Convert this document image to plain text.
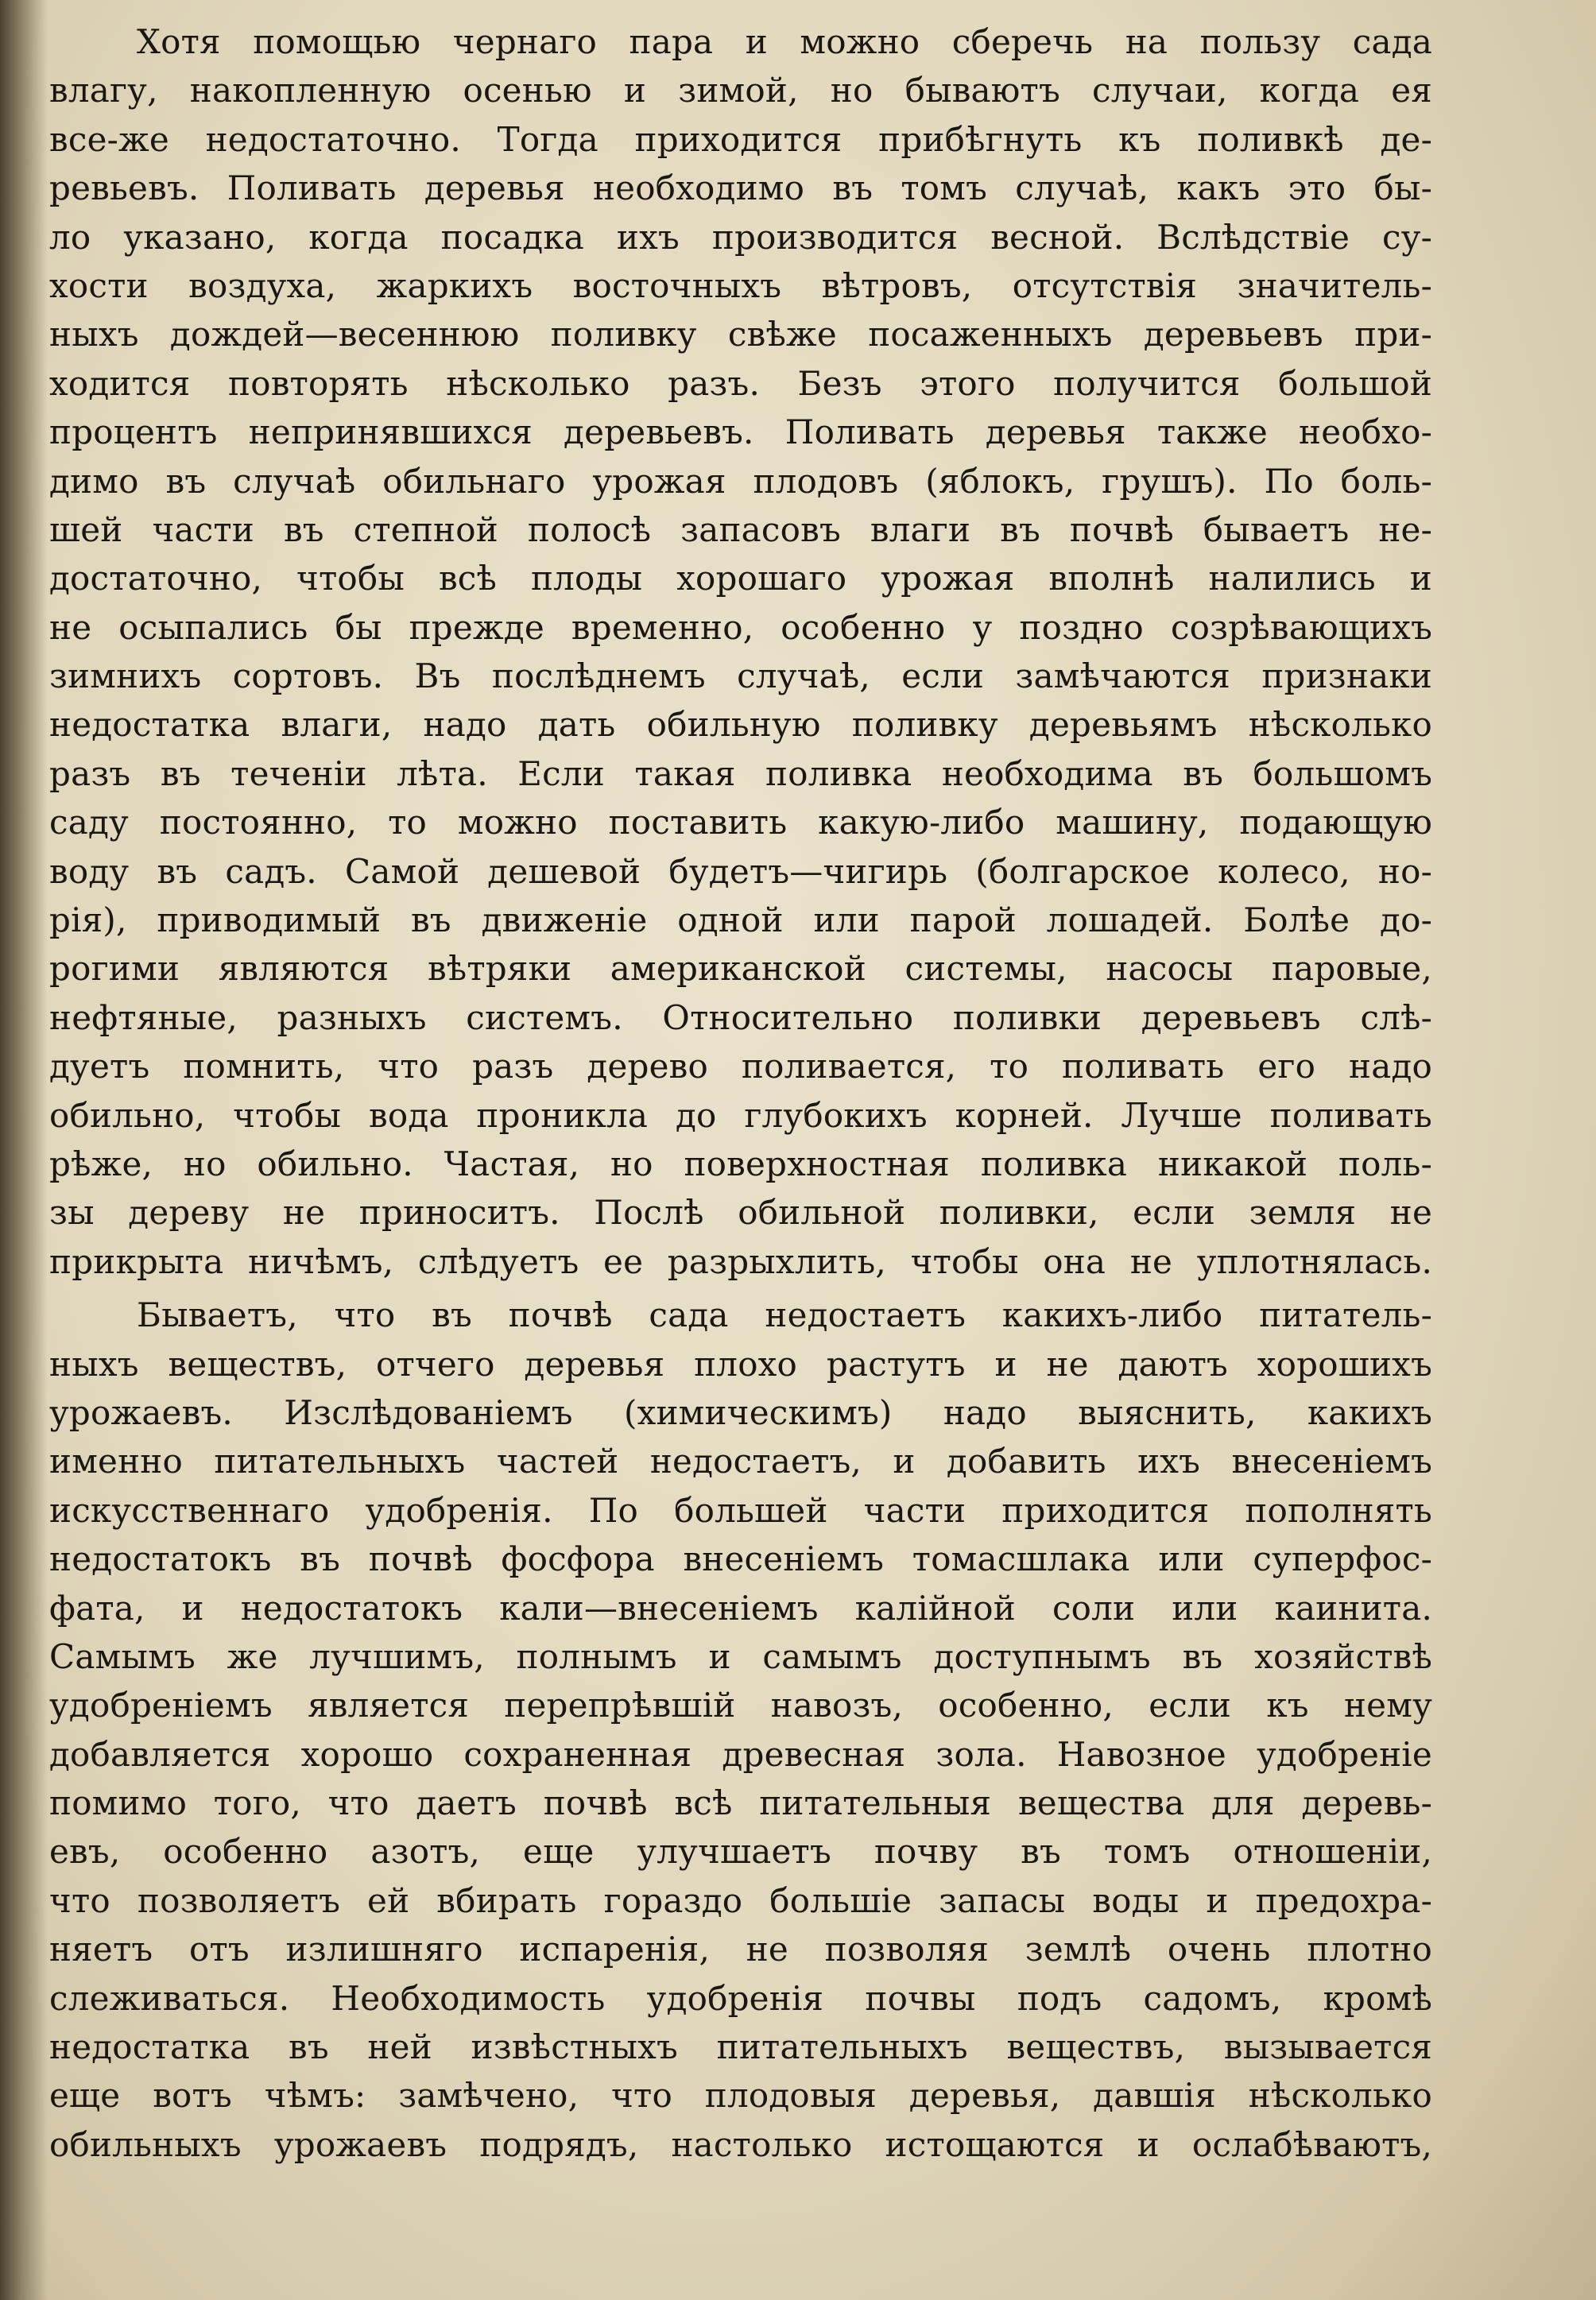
Хотя помощью чернаго пара и можно сберечь на пользу сада
влагу, накопленную осенью и зимой, но бываютъ случаи, когда ея
все-же недостаточно. Тогда приходится прибѣгнуть къ поливкѣ де-
ревьевъ. Поливать деревья необходимо въ томъ случаѣ, какъ это бы-
ло указано, когда посадка ихъ производится весной. Вслѣдствіе су-
хости воздуха, жаркихъ восточныхъ вѣтровъ, отсутствія значитель-
ныхъ дождей—весеннюю поливку свѣже посаженныхъ деревьевъ при-
ходится повторять нѣсколько разъ. Безъ этого получится большой
процентъ непринявшихся деревьевъ. Поливать деревья также необхо-
димо въ случаѣ обильнаго урожая плодовъ (яблокъ, грушъ). По боль-
шей части въ степной полосѣ запасовъ влаги въ почвѣ бываетъ не-
достаточно, чтобы всѣ плоды хорошаго урожая вполнѣ налились и
не осыпались бы прежде временно, особенно у поздно созрѣвающихъ
зимнихъ сортовъ. Въ послѣднемъ случаѣ, если замѣчаются признаки
недостатка влаги, надо дать обильную поливку деревьямъ нѣсколько
разъ въ теченіи лѣта. Если такая поливка необходима въ большомъ
саду постоянно, то можно поставить какую-либо машину, подающую
воду въ садъ. Самой дешевой будетъ—чигирь (болгарское колесо, но-
рія), приводимый въ движеніе одной или парой лошадей. Болѣе до-
рогими являются вѣтряки американской системы, насосы паровые,
нефтяные, разныхъ системъ. Относительно поливки деревьевъ слѣ-
дуетъ помнить, что разъ дерево поливается, то поливать его надо
обильно, чтобы вода проникла до глубокихъ корней. Лучше поливать
рѣже, но обильно. Частая, но поверхностная поливка никакой поль-
зы дереву не приноситъ. Послѣ обильной поливки, если земля не
прикрыта ничѣмъ, слѣдуетъ ее разрыхлить, чтобы она не уплотнялась.
Бываетъ, что въ почвѣ сада недостаетъ какихъ-либо питатель-
ныхъ веществъ, отчего деревья плохо растутъ и не даютъ хорошихъ
урожаевъ. Изслѣдованіемъ (химическимъ) надо выяснить, какихъ
именно питательныхъ частей недостаетъ, и добавить ихъ внесеніемъ
искусственнаго удобренія. По большей части приходится пополнять
недостатокъ въ почвѣ фосфора внесеніемъ томасшлака или суперфос-
фата, и недостатокъ кали—внесеніемъ калійной соли или каинита.
Самымъ же лучшимъ, полнымъ и самымъ доступнымъ въ хозяйствѣ
удобреніемъ является перепрѣвшій навозъ, особенно, если къ нему
добавляется хорошо сохраненная древесная зола. Навозное удобреніе
помимо того, что даетъ почвѣ всѣ питательныя вещества для деревь-
евъ, особенно азотъ, еще улучшаетъ почву въ томъ отношеніи,
что позволяетъ ей вбирать гораздо большіе запасы воды и предохра-
няетъ отъ излишняго испаренія, не позволяя землѣ очень плотно
слеживаться. Необходимость удобренія почвы подъ садомъ, кромѣ
недостатка въ ней извѣстныхъ питательныхъ веществъ, вызывается
еще вотъ чѣмъ: замѣчено, что плодовыя деревья, давшія нѣсколько
обильныхъ урожаевъ подрядъ, настолько истощаются и ослабѣваютъ,
